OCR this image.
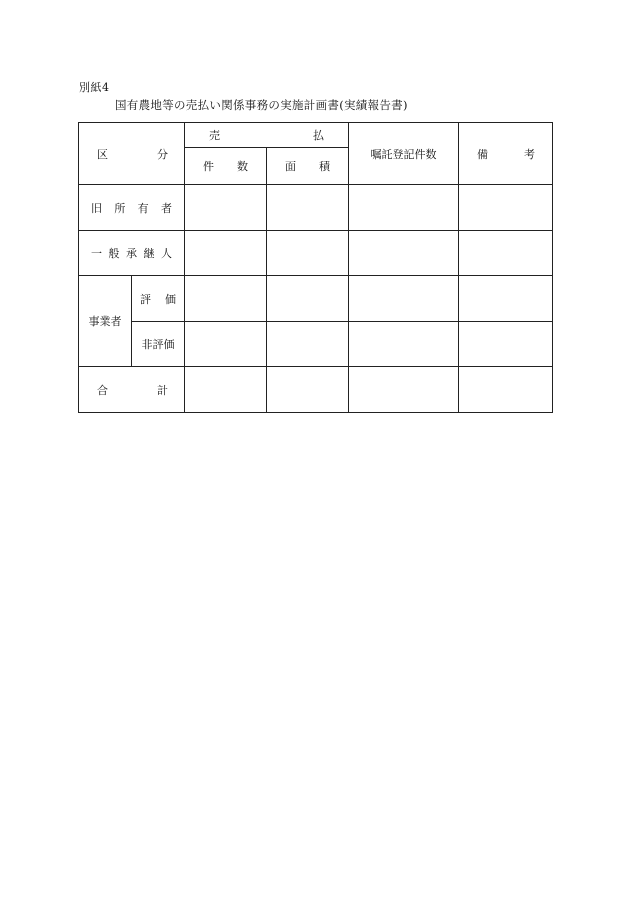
別紙4
国有農地等の売払い関係事務の実施計画書(実績報告書)
区 分		売 払		嘱託登記件数	備 考

		件 数	面 積		

旧 所 有 者					

一 般 承 継 人					

事業者	評 価				

	非評価				

合 計					
